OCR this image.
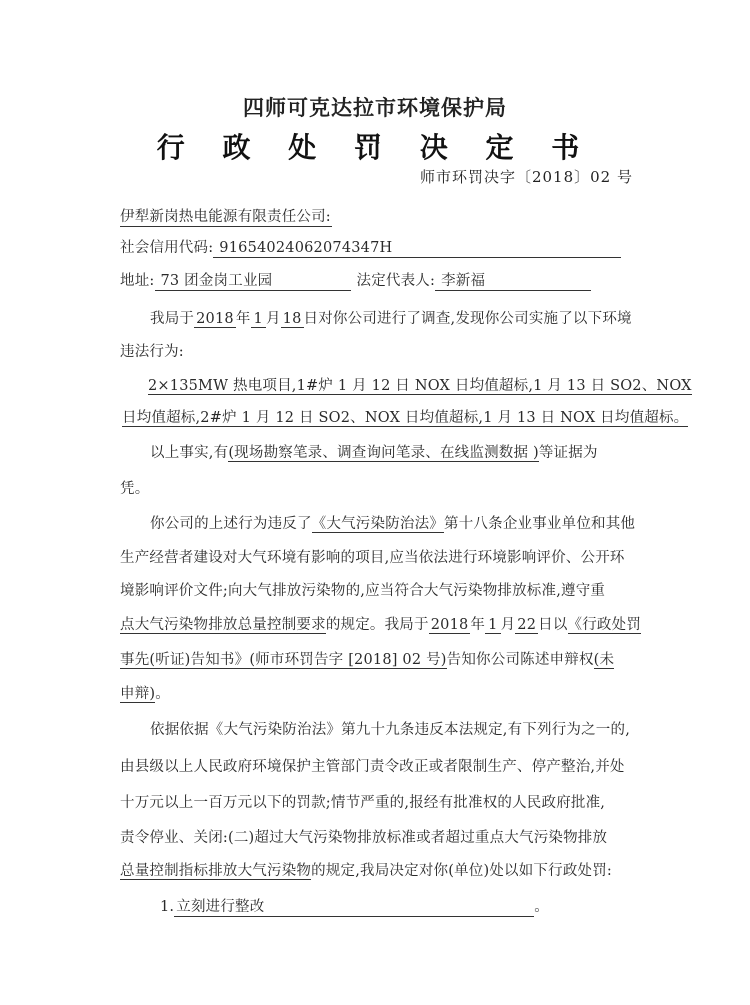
四师可克达拉市环境保护局
行 政 处 罚 决 定 书
师市环罚决字〔2018〕02 号
伊犁新岗热电能源有限责任公司:
社会信用代码: 91654024062074347H
地址: 73 团金岗工业园	法定代表人: 李新福
我局于 2018 年 1 月 18 日对你公司进行了调查,发现你公司实施了以下环境
违法行为:
2×135MW 热电项目,1#炉 1 月 12 日 NOX 日均值超标,1 月 13 日 SO2、NOX
日均值超标,2#炉 1 月 12 日 SO2、NOX 日均值超标,1 月 13 日 NOX 日均值超标。
以上事实,有(现场勘察笔录、调查询问笔录、在线监测数据 )等证据为
凭。
你公司的上述行为违反了《大气污染防治法》第十八条企业事业单位和其他
生产经营者建设对大气环境有影响的项目,应当依法进行环境影响评价、公开环
境影响评价文件;向大气排放污染物的,应当符合大气污染物排放标准,遵守重
点大气污染物排放总量控制要求的规定。我局于 2018 年 1 月 22 日以《行政处罚
事先(听证)告知书》(师市环罚告字 [2018] 02 号)告知你公司陈述申辩权(未
申辩)。
依据依据《大气污染防治法》第九十九条违反本法规定,有下列行为之一的,
由县级以上人民政府环境保护主管部门责令改正或者限制生产、停产整治,并处
十万元以上一百万元以下的罚款;情节严重的,报经有批准权的人民政府批准,
责令停业、关闭:(二)超过大气污染物排放标准或者超过重点大气污染物排放
总量控制指标排放大气污染物的规定,我局决定对你(单位)处以如下行政处罚:
1. 立刻进行整改	。
